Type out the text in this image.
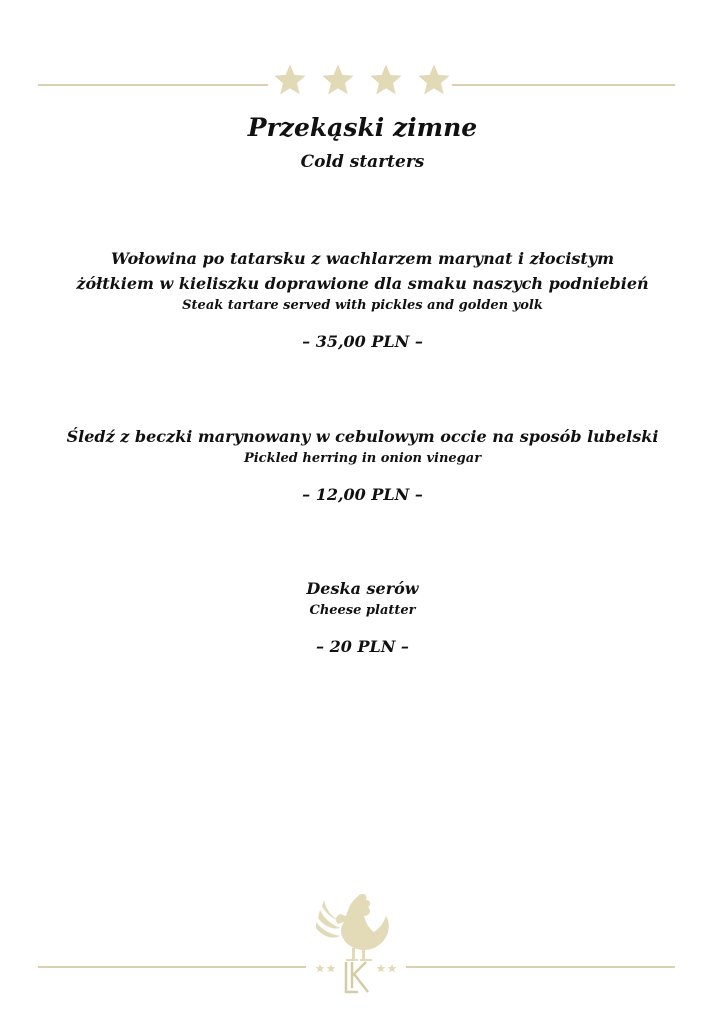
Przekąski zimne
Cold starters
Wołowina po tatarsku z wachlarzem marynat i złocistym
żółtkiem w kieliszku doprawione dla smaku naszych podniebień
Steak tartare served with pickles and golden yolk
– 35,00 PLN –
Śledź z beczki marynowany w cebulowym occie na sposób lubelski
Pickled herring in onion vinegar
– 12,00 PLN –
Deska serów
Cheese platter
– 20 PLN –
